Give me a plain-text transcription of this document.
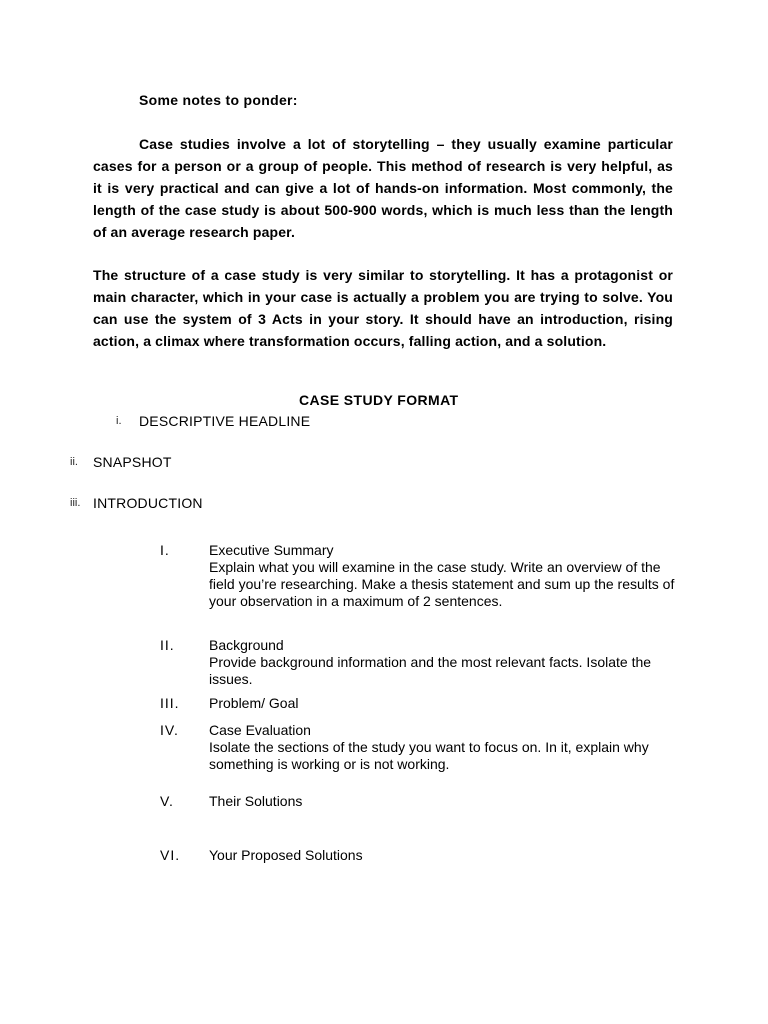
Some notes to ponder:
Case studies involve a lot of storytelling – they usually examine particular cases for a person or a group of people. This method of research is very helpful, as it is very practical and can give a lot of hands-on information. Most commonly, the length of the case study is about 500-900 words, which is much less than the length of an average research paper.
The structure of a case study is very similar to storytelling. It has a protagonist or main character, which in your case is actually a problem you are trying to solve. You can use the system of 3 Acts in your story. It should have an introduction, rising action, a climax where transformation occurs, falling action, and a solution.
CASE STUDY FORMAT
i. DESCRIPTIVE HEADLINE
ii. SNAPSHOT
iii. INTRODUCTION
I.	Executive Summary
Explain what you will examine in the case study. Write an overview of the field you’re researching. Make a thesis statement and sum up the results of your observation in a maximum of 2 sentences.
II. Background
Provide background information and the most relevant facts. Isolate the issues.
III. Problem/ Goal
IV. Case Evaluation
Isolate the sections of the study you want to focus on. In it, explain why something is working or is not working.
V.	Their Solutions
VI. Your Proposed Solutions
